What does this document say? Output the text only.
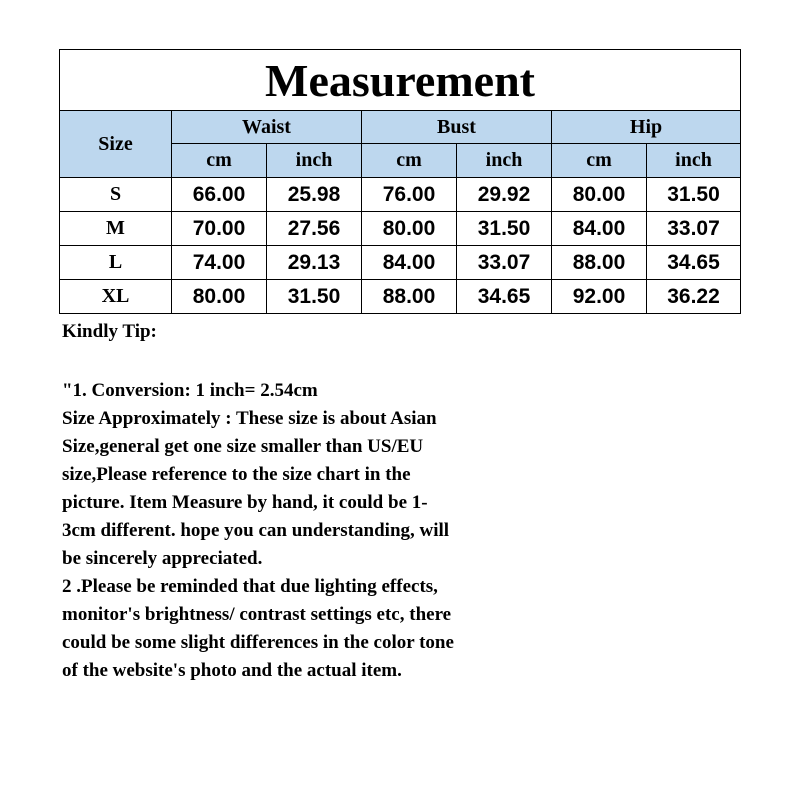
Measurement						
Size	Waist		Bust		Hip	
	cm	inch	cm	inch	cm	inch
S	66.00	25.98	76.00	29.92	80.00	31.50
M	70.00	27.56	80.00	31.50	84.00	33.07
L	74.00	29.13	84.00	33.07	88.00	34.65
XL	80.00	31.50	88.00	34.65	92.00	36.22

Kindly Tip:

"1. Conversion: 1 inch= 2.54cm
Size Approximately : These size is about Asian
Size,general get one size smaller than US/EU
size,Please reference to the size chart in the
picture. Item Measure by hand, it could be 1-
3cm different. hope you can understanding, will
be sincerely appreciated.
2 .Please be reminded that due lighting effects,
monitor's brightness/ contrast settings etc, there
could be some slight differences in the color tone
of the website's photo and the actual item.
